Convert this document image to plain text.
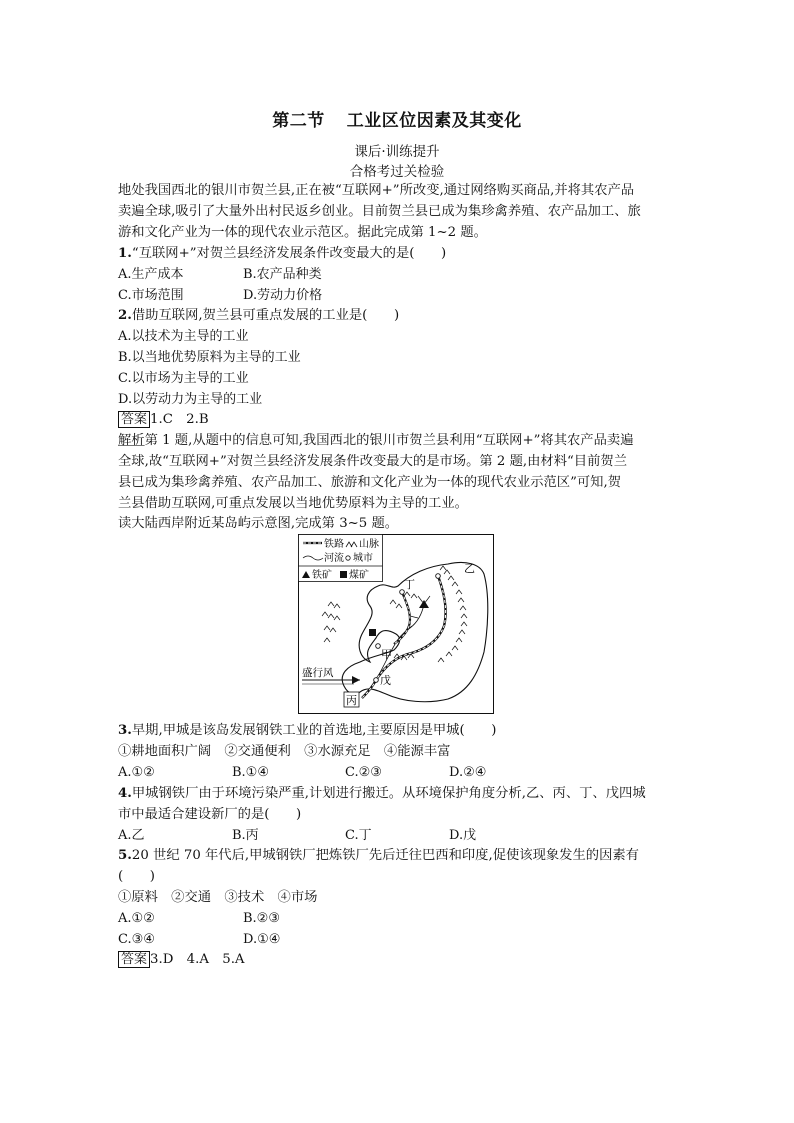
第二节 工业区位因素及其变化
课后·训练提升
合格考过关检验
地处我国西北的银川市贺兰县,正在被“互联网+”所改变,通过网络购买商品,并将其农产品
卖遍全球,吸引了大量外出村民返乡创业。目前贺兰县已成为集珍禽养殖、农产品加工、旅
游和文化产业为一体的现代农业示范区。据此完成第 1~2 题。
1.“互联网+”对贺兰县经济发展条件改变最大的是(　　)
A.生产成本	B.农产品种类
C.市场范围	D.劳动力价格
2.借助互联网,贺兰县可重点发展的工业是(　　)
A.以技术为主导的工业
B.以当地优势原料为主导的工业
C.以市场为主导的工业
D.以劳动力为主导的工业
答案 1.C　2.B
解析第 1 题,从题中的信息可知,我国西北的银川市贺兰县利用“互联网+”将其农产品卖遍
全球,故“互联网+”对贺兰县经济发展条件改变最大的是市场。第 2 题,由材料“目前贺兰
县已成为集珍禽养殖、农产品加工、旅游和文化产业为一体的现代农业示范区”可知,贺
兰县借助互联网,可重点发展以当地优势原料为主导的工业。
读大陆西岸附近某岛屿示意图,完成第 3~5 题。
铁路 山脉
河流 城市
铁矿 煤矿
丁
乙
甲
戊
丙
盛行风
3.早期,甲城是该岛发展钢铁工业的首选地,主要原因是甲城(　　)
①耕地面积广阔　②交通便利　③水源充足　④能源丰富
A.①②	B.①④	C.②③	D.②④
4.甲城钢铁厂由于环境污染严重,计划进行搬迁。从环境保护角度分析,乙、丙、丁、戊四城
市中最适合建设新厂的是(　　)
A.乙	B.丙	C.丁	D.戊
5.20 世纪 70 年代后,甲城钢铁厂把炼铁厂先后迁往巴西和印度,促使该现象发生的因素有
(　　)
①原料　②交通　③技术　④市场
A.①②	B.②③
C.③④	D.①④
答案 3.D　4.A　5.A
